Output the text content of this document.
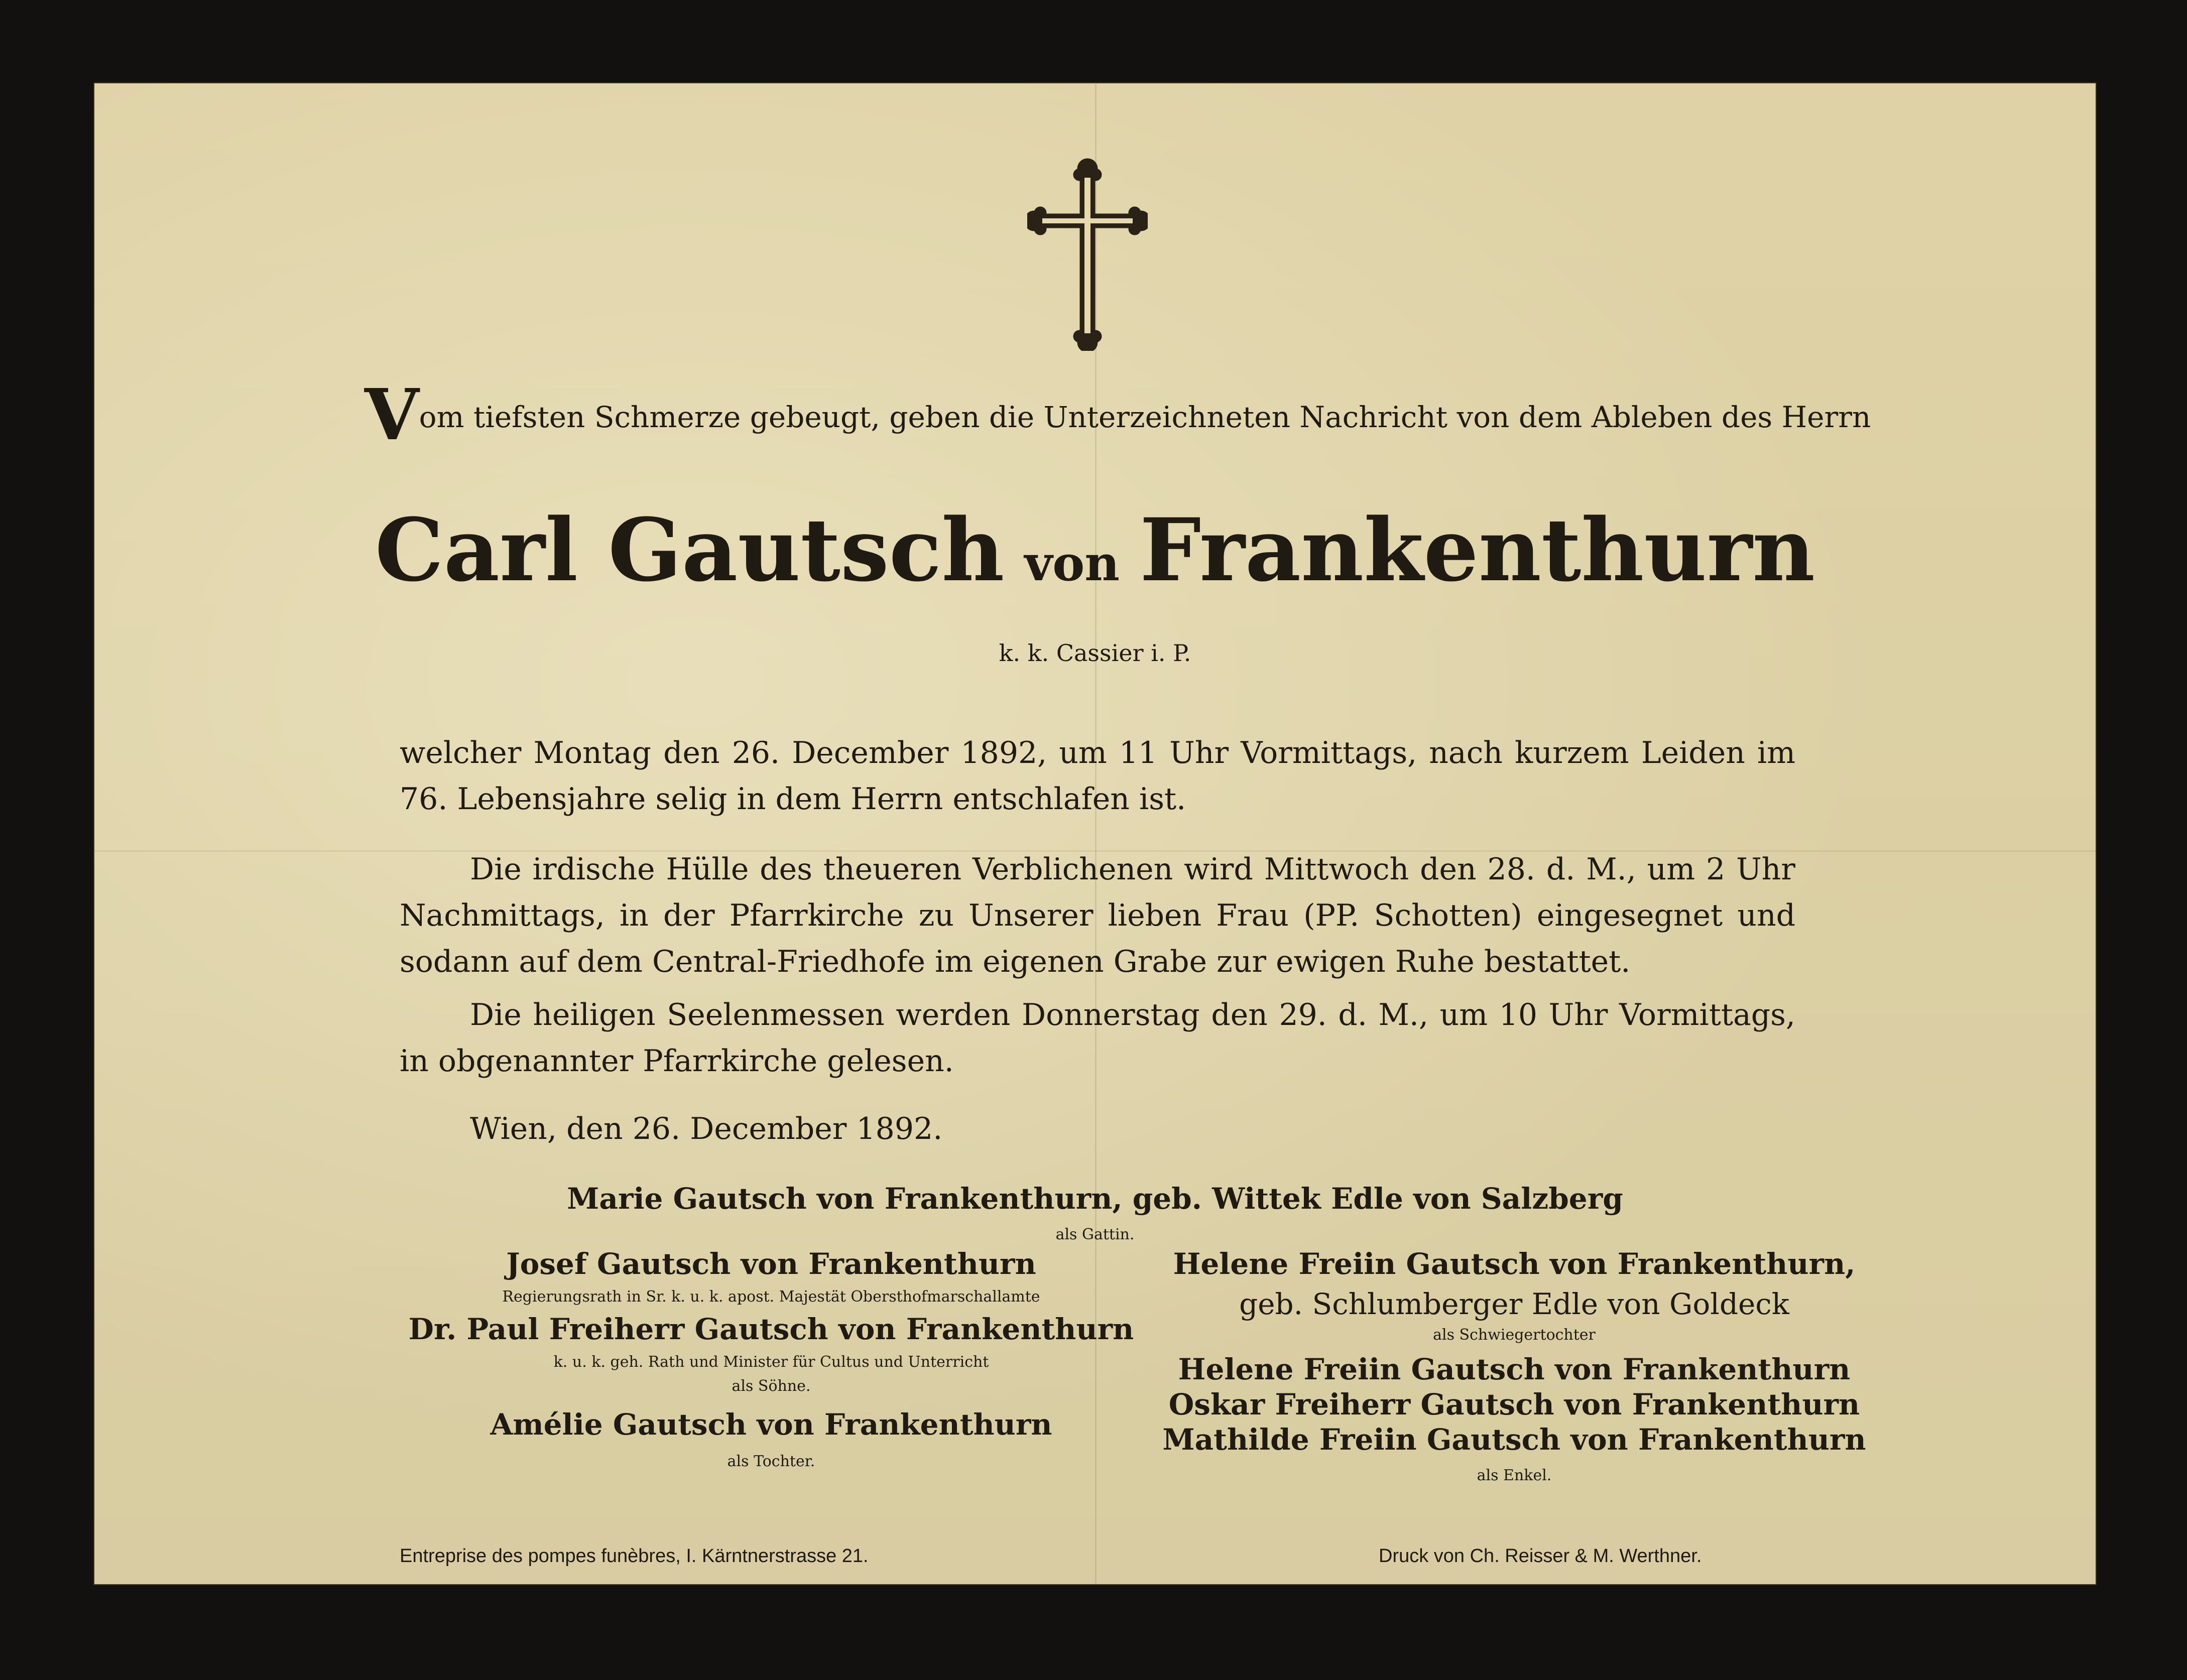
Vom tiefsten Schmerze gebeugt, geben die Unterzeichneten Nachricht von dem Ableben des Herrn

Carl Gautsch von Frankenthurn

k. k. Cassier i. P.

welcher Montag den 26. December 1892, um 11 Uhr Vormittags, nach kurzem Leiden im 76. Lebensjahre selig in dem Herrn entschlafen ist.

Die irdische Hülle des theueren Verblichenen wird Mittwoch den 28. d. M., um 2 Uhr Nachmittags, in der Pfarrkirche zu Unserer lieben Frau (PP. Schotten) eingesegnet und sodann auf dem Central-Friedhofe im eigenen Grabe zur ewigen Ruhe bestattet.

Die heiligen Seelenmessen werden Donnerstag den 29. d. M., um 10 Uhr Vormittags, in obgenannter Pfarrkirche gelesen.

Wien, den 26. December 1892.

Marie Gautsch von Frankenthurn, geb. Wittek Edle von Salzberg

als Gattin.

Josef Gautsch von Frankenthurn

Regierungsrath in Sr. k. u. k. apost. Majestät Obersthofmarschallamte

Dr. Paul Freiherr Gautsch von Frankenthurn

k. u. k. geh. Rath und Minister für Cultus und Unterricht

als Söhne.

Amélie Gautsch von Frankenthurn

als Tochter.

Helene Freiin Gautsch von Frankenthurn,

geb. Schlumberger Edle von Goldeck

als Schwiegertochter

Helene Freiin Gautsch von Frankenthurn

Oskar Freiherr Gautsch von Frankenthurn

Mathilde Freiin Gautsch von Frankenthurn

als Enkel.

Entreprise des pompes funèbres, I. Kärntnerstrasse 21.	Druck von Ch. Reisser & M. Werthner.
